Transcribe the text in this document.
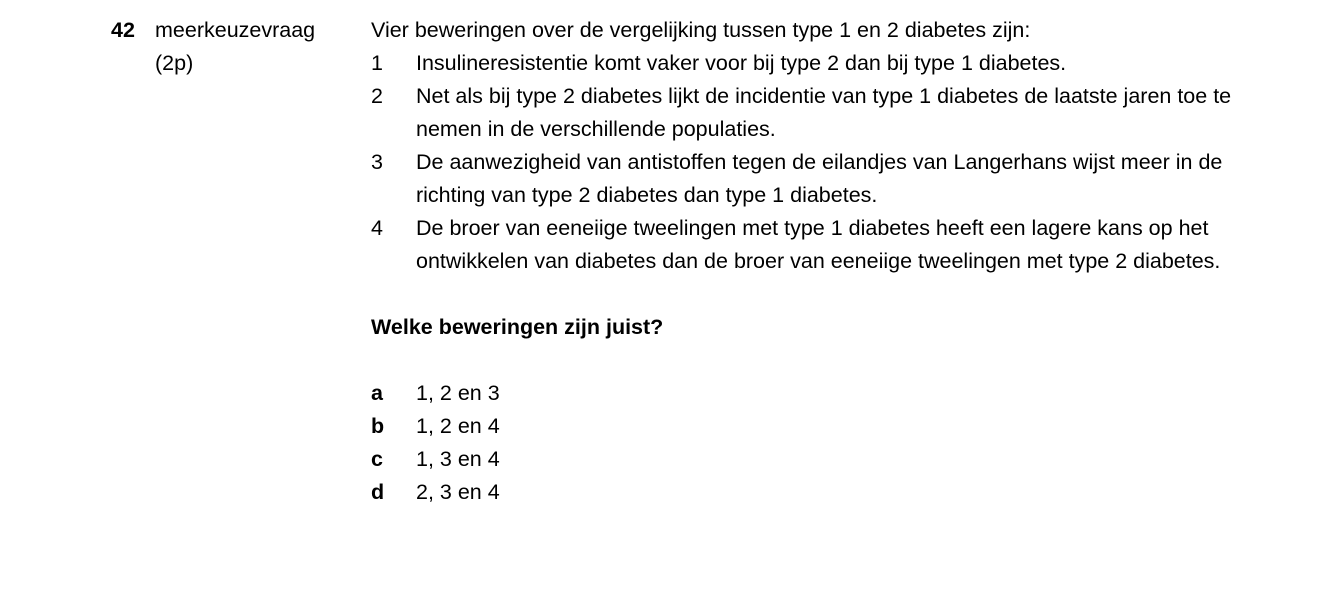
42 meerkeuzevraag
(2p)
Vier beweringen over de vergelijking tussen type 1 en 2 diabetes zijn:
1	Insulineresistentie komt vaker voor bij type 2 dan bij type 1 diabetes.
2	Net als bij type 2 diabetes lijkt de incidentie van type 1 diabetes de laatste jaren toe te nemen in de verschillende populaties.
3	De aanwezigheid van antistoffen tegen de eilandjes van Langerhans wijst meer in de richting van type 2 diabetes dan type 1 diabetes.
4	De broer van eeneiige tweelingen met type 1 diabetes heeft een lagere kans op het ontwikkelen van diabetes dan de broer van eeneiige tweelingen met type 2 diabetes.
Welke beweringen zijn juist?
a	1, 2 en 3
b	1, 2 en 4
c	1, 3 en 4
d	2, 3 en 4
